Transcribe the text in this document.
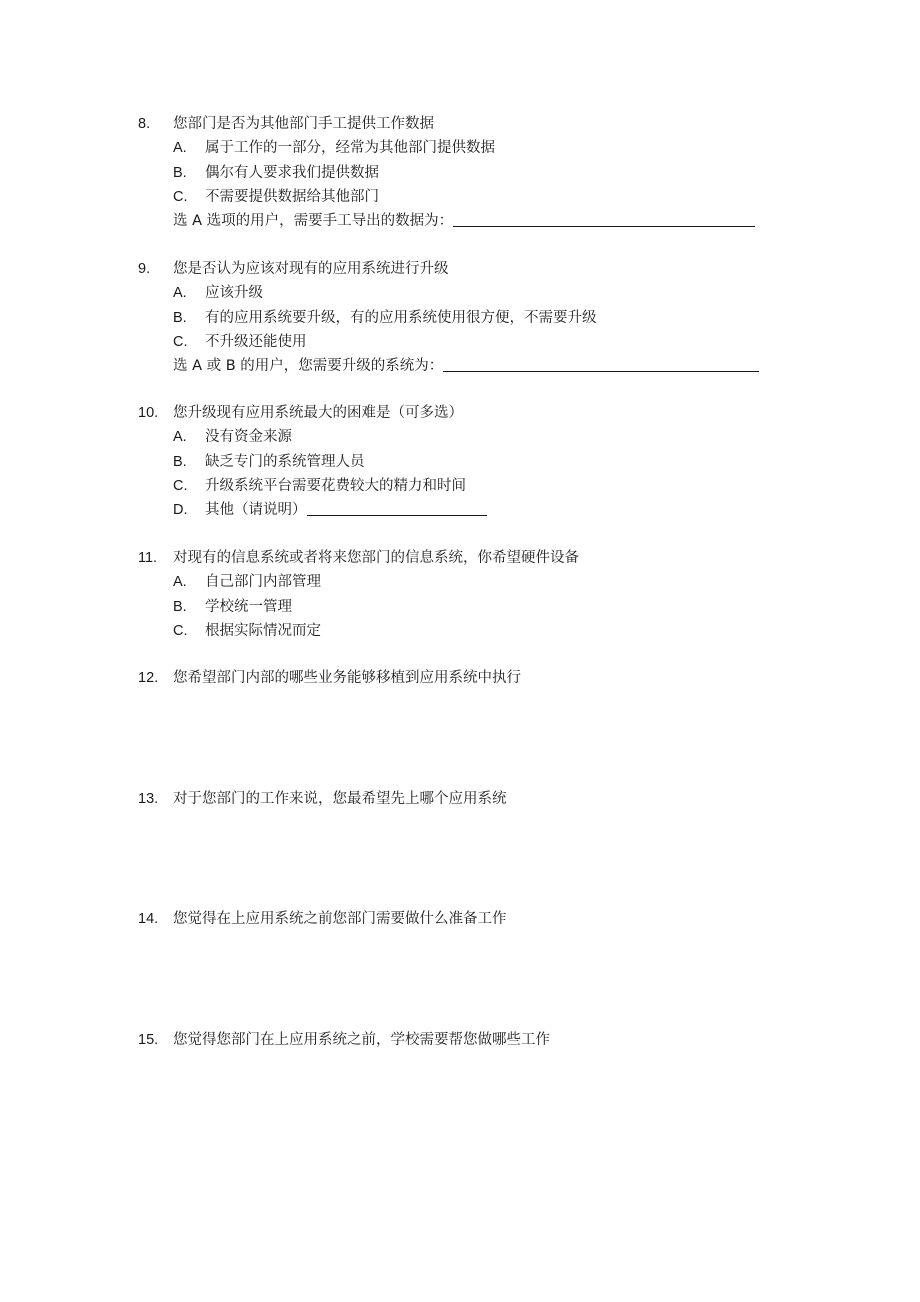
8. 您部门是否为其他部门手工提供工作数据
A. 属于工作的一部分，经常为其他部门提供数据
B. 偶尔有人要求我们提供数据
C. 不需要提供数据给其他部门
选 A 选项的用户，需要手工导出的数据为：
9. 您是否认为应该对现有的应用系统进行升级
A. 应该升级
B. 有的应用系统要升级，有的应用系统使用很方便，不需要升级
C. 不升级还能使用
选 A 或 B 的用户，您需要升级的系统为：
10. 您升级现有应用系统最大的困难是（可多选）
A. 没有资金来源
B. 缺乏专门的系统管理人员
C. 升级系统平台需要花费较大的精力和时间
D. 其他（请说明）
11. 对现有的信息系统或者将来您部门的信息系统，你希望硬件设备
A. 自己部门内部管理
B. 学校统一管理
C. 根据实际情况而定
12. 您希望部门内部的哪些业务能够移植到应用系统中执行
13. 对于您部门的工作来说，您最希望先上哪个应用系统
14. 您觉得在上应用系统之前您部门需要做什么准备工作
15. 您觉得您部门在上应用系统之前，学校需要帮您做哪些工作
